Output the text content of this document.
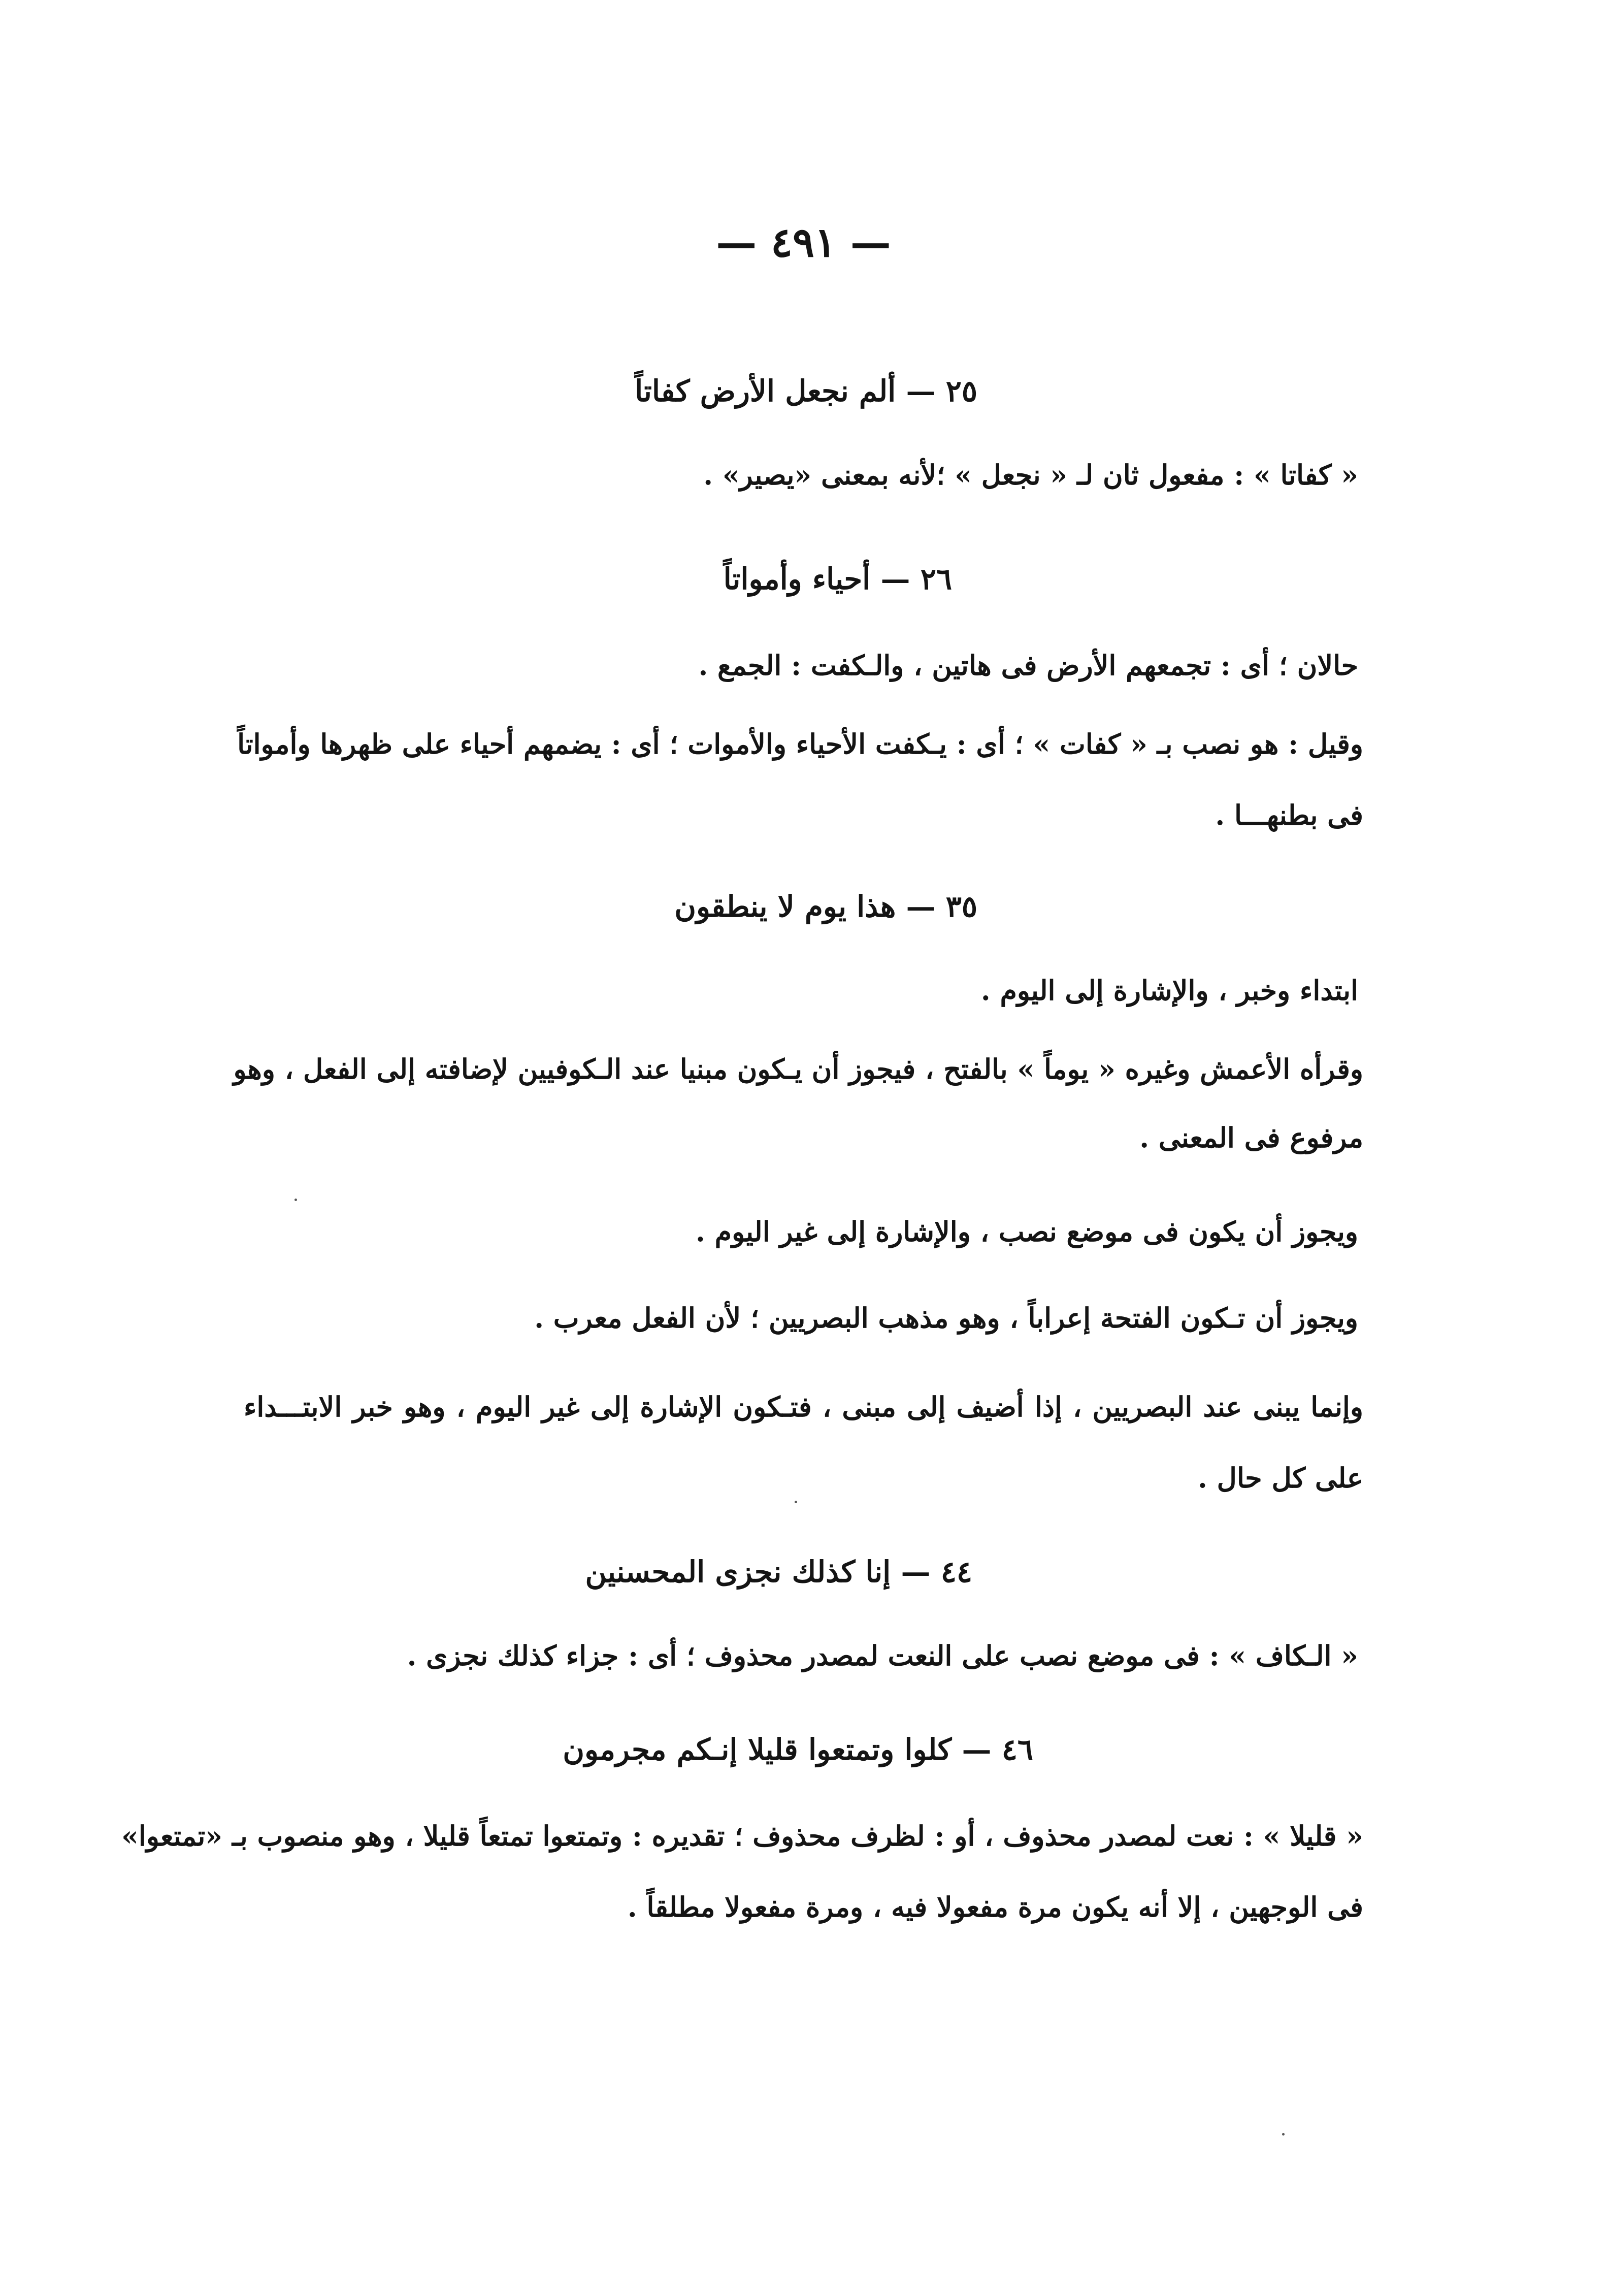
— ٤٩١ —
٢٥ — ألم نجعل الأرض كفاتاً
« كفاتا » : مفعول ثان لـ « نجعل » ؛لأنه بمعنى «يصير» .
٢٦ — أحياء وأمواتاً
حالان ؛ أى : تجمعهم الأرض فى هاتين ، والـكفت : الجمع .
وقيل : هو نصب بـ « كفات » ؛ أى : يـكفت الأحياء والأموات ؛ أى : يضمهم أحياء على ظهرها وأمواتاً
فى بطنهـــا .
٣٥ — هذا يوم لا ينطقون
ابتداء وخبر ، والإشارة إلى اليوم .
وقرأه الأعمش وغيره « يوماً » بالفتح ، فيجوز أن يـكون مبنيا عند الـكوفيين لإضافته إلى الفعل ، وهو
مرفوع فى المعنى .
ويجوز أن يكون فى موضع نصب ، والإشارة إلى غير اليوم .
ويجوز أن تـكون الفتحة إعراباً ، وهو مذهب البصريين ؛ لأن الفعل معرب .
وإنما يبنى عند البصريين ، إذا أضيف إلى مبنى ، فتـكون الإشارة إلى غير اليوم ، وهو خبر الابتـــداء
على كل حال .
٤٤ — إنا كذلك نجزى المحسنين
« الـكاف » : فى موضع نصب على النعت لمصدر محذوف ؛ أى : جزاء كذلك نجزى .
٤٦ — كلوا وتمتعوا قليلا إنـكم مجرمون
« قليلا » : نعت لمصدر محذوف ، أو : لظرف محذوف ؛ تقديره : وتمتعوا تمتعاً قليلا ، وهو منصوب بـ «تمتعوا»
فى الوجهين ، إلا أنه يكون مرة مفعولا فيه ، ومرة مفعولا مطلقاً .
